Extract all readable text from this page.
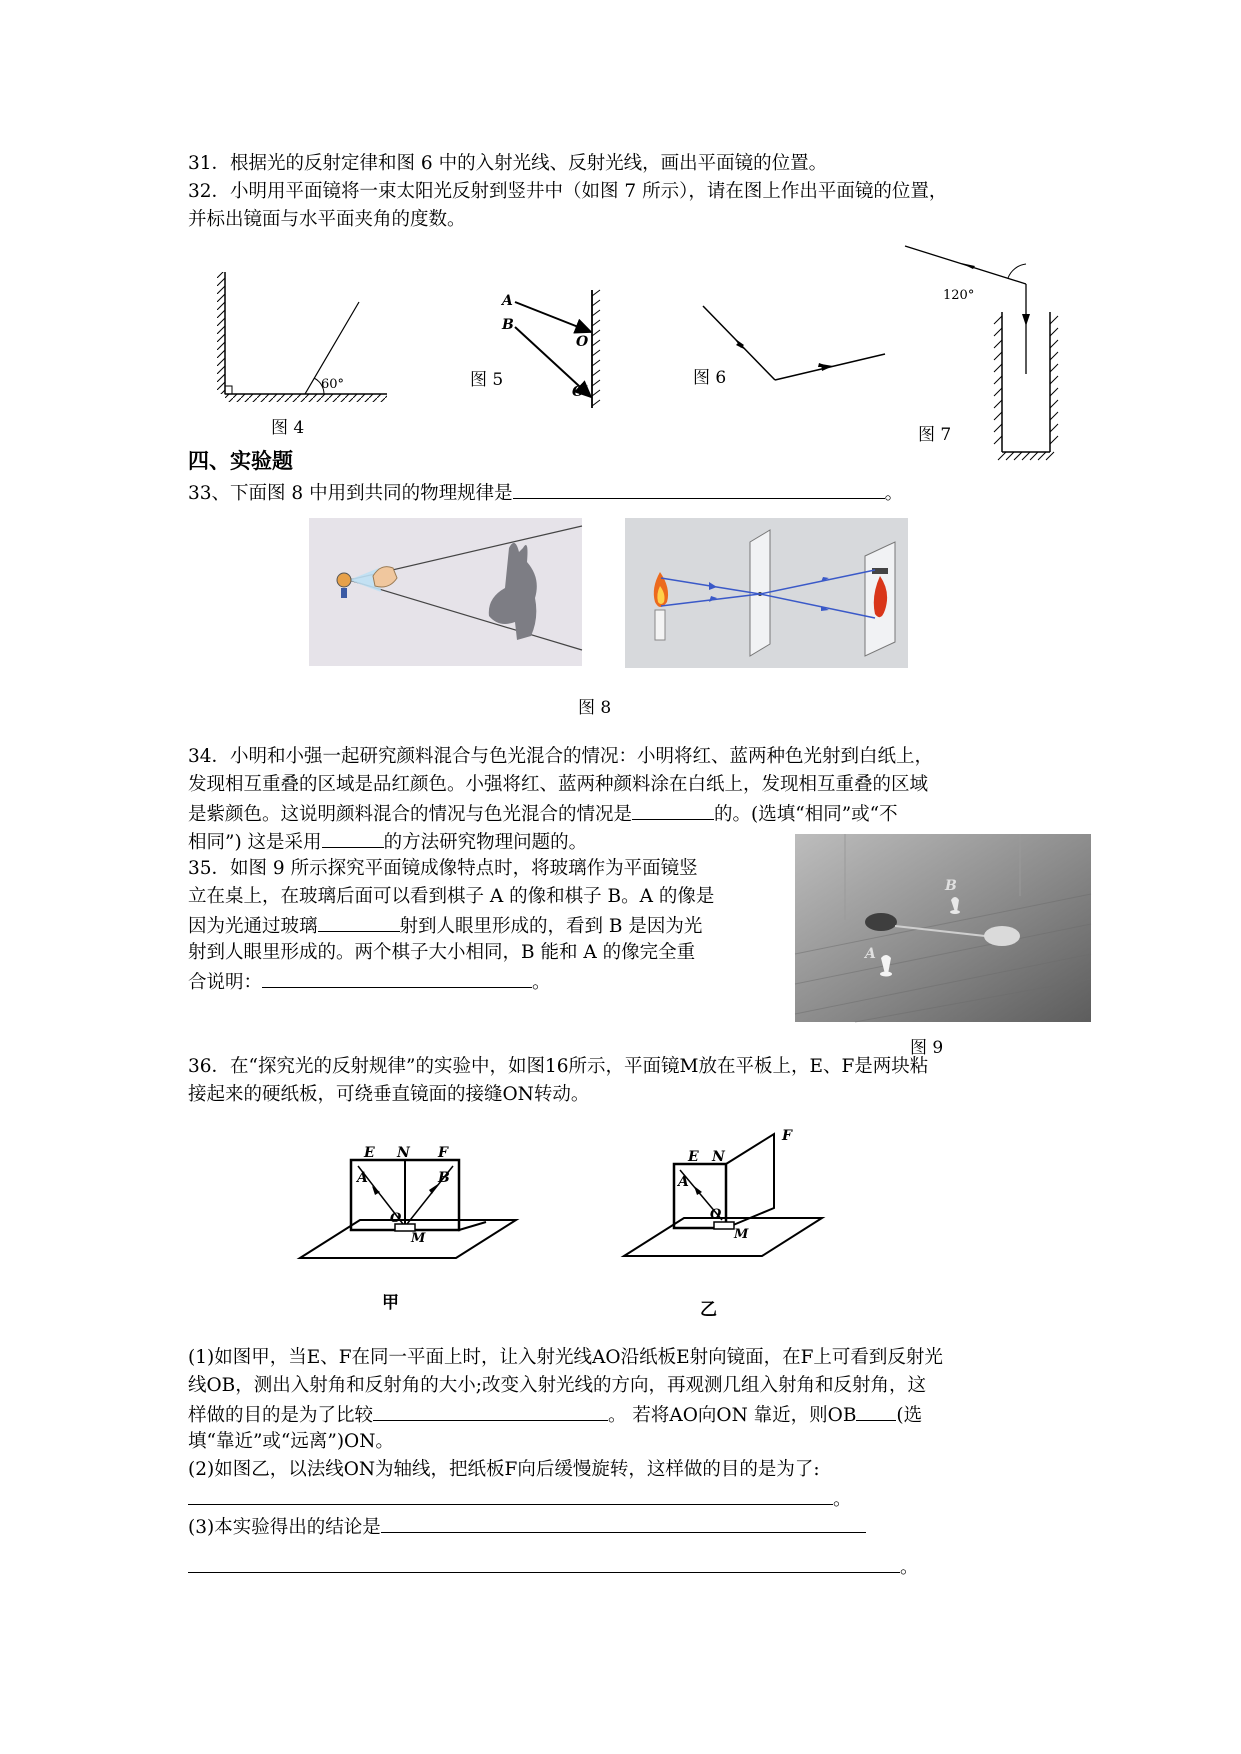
31．根据光的反射定律和图 6 中的入射光线、反射光线，画出平面镜的位置。
32．小明用平面镜将一束太阳光反射到竖井中（如图 7 所示），请在图上作出平面镜的位置，
并标出镜面与水平面夹角的度数。
60°
图 4
A
B
O
O′
图 5	图 6
120°
图 7
四、实验题
33、下面图 8 中用到共同的物理规律是	。
图 8
34．小明和小强一起研究颜料混合与色光混合的情况：小明将红、蓝两种色光射到白纸上，
发现相互重叠的区域是品红颜色。小强将红、蓝两种颜料涂在白纸上，发现相互重叠的区域
是紫颜色。这说明颜料混合的情况与色光混合的情况是	的。(选填“相同”或“不
相同”) 这是采用	的方法研究物理问题的。
35．如图 9 所示探究平面镜成像特点时，将玻璃作为平面镜竖
立在桌上，在玻璃后面可以看到棋子 A 的像和棋子 B。A 的像是
因为光通过玻璃	射到人眼里形成的，看到 B 是因为光
射到人眼里形成的。两个棋子大小相同，B 能和 A 的像完全重
合说明：	。
B
A
图 9
36．在“探究光的反射规律”的实验中，如图16所示，平面镜M放在平板上，E、F是两块粘
接起来的硬纸板，可绕垂直镜面的接缝ON转动。
E N F
A	B
O
M
甲
E N
F
A
O
M
乙
(1)如图甲，当E、F在同一平面上时，让入射光线AO沿纸板E射向镜面，在F上可看到反射光
线OB，测出入射角和反射角的大小;改变入射光线的方向，再观测几组入射角和反射角，这
样做的目的是为了比较	。 若将AO向ON 靠近，则OB (选
填“靠近”或“远离”)ON。
(2)如图乙，以法线ON为轴线，把纸板F向后缓慢旋转，这样做的目的是为了:
。
(3)本实验得出的结论是
。
